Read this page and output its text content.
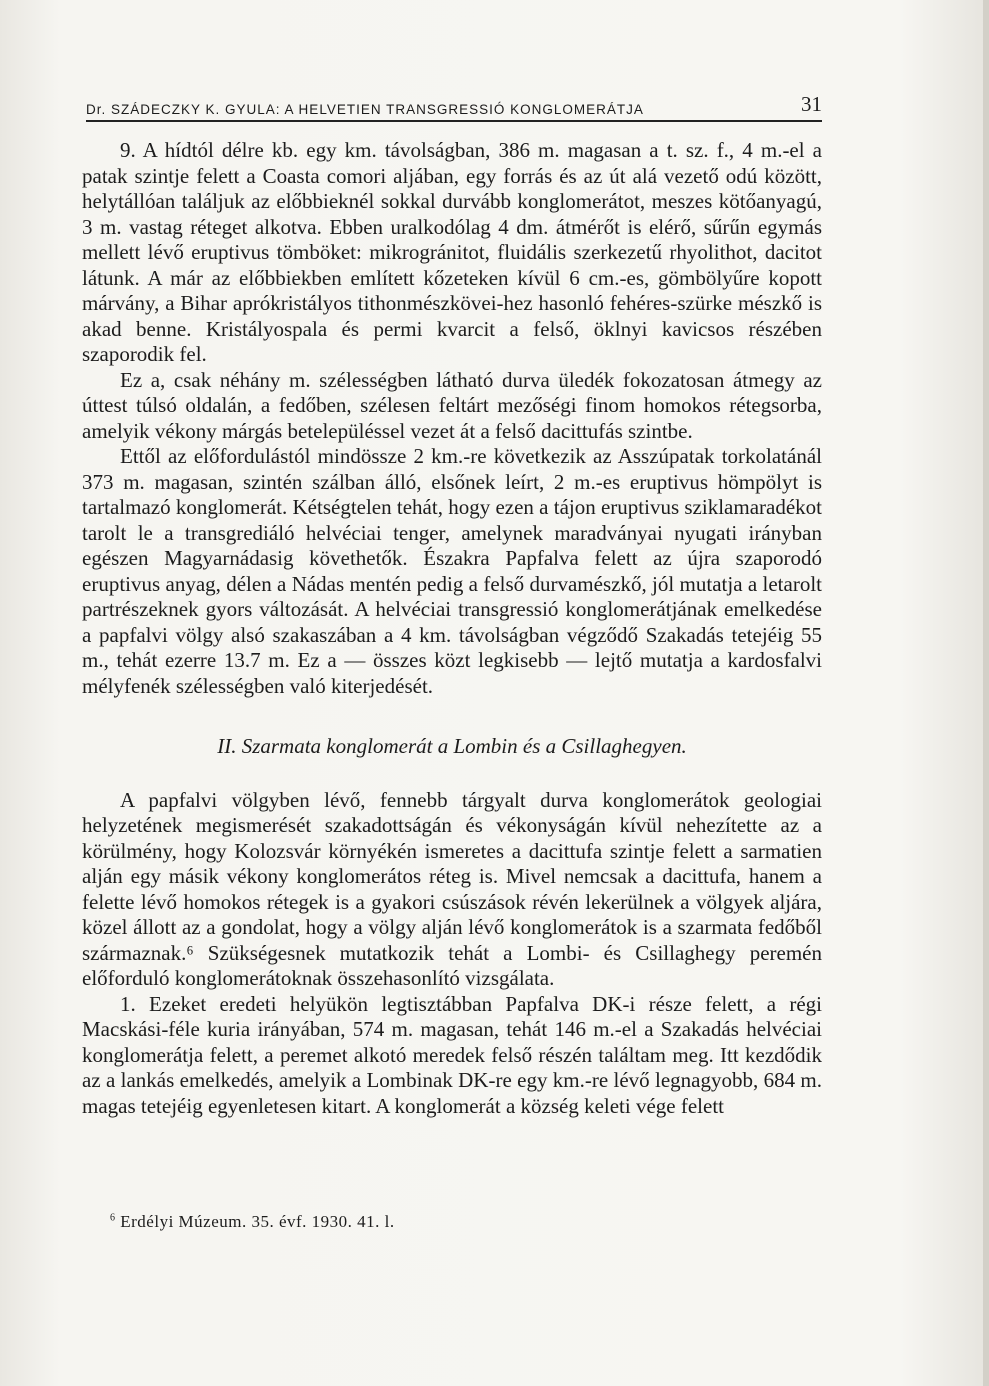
Dr. SZÁDECZKY K. GYULA: A HELVETIEN TRANSGRESSIÓ KONGLOMERÁTJA	31

9. A hídtól délre kb. egy km. távolságban, 386 m. magasan a t. sz. f., 4 m.-el a patak szintje felett a Coasta comori aljában, egy forrás és az út alá vezető odú között, helytállóan találjuk az előbbieknél sokkal durvább konglomerátot, meszes kötőanyagú, 3 m. vastag réteget alkotva. Ebben uralkodólag 4 dm. átmérőt is elérő, sűrűn egymás mellett lévő eruptivus tömböket: mikrogránitot, fluidális szerkezetű rhyolithot, dacitot látunk. A már az előbbiekben említett kőzeteken kívül 6 cm.-es, gömbölyűre kopott márvány, a Bihar aprókristályos tithonmészkövei-hez hasonló fehéres-szürke mészkő is akad benne. Kristályospala és permi kvarcit a felső, öklnyi kavicsos részében szaporodik fel.

Ez a, csak néhány m. szélességben látható durva üledék fokozatosan átmegy az úttest túlsó oldalán, a fedőben, szélesen feltárt mezőségi finom homokos rétegsorba, amelyik vékony márgás betelepüléssel vezet át a felső dacittufás szintbe.

Ettől az előfordulástól mindössze 2 km.-re következik az Asszúpatak torkolatánál 373 m. magasan, szintén szálban álló, elsőnek leírt, 2 m.-es eruptivus hömpölyt is tartalmazó konglomerát. Kétségtelen tehát, hogy ezen a tájon eruptivus sziklamaradékot tarolt le a transgrediáló helvéciai tenger, amelynek maradványai nyugati irányban egészen Magyarnádasig követhetők. Északra Papfalva felett az újra szaporodó eruptivus anyag, délen a Nádas mentén pedig a felső durvamészkő, jól mutatja a letarolt partrészeknek gyors változását. A helvéciai transgressió konglomerátjának emelkedése a papfalvi völgy alsó szakaszában a 4 km. távolságban végződő Szakadás tetejéig 55 m., tehát ezerre 13.7 m. Ez a — összes közt legkisebb — lejtő mutatja a kardosfalvi mélyfenék szélességben való kiterjedését.

II. Szarmata konglomerát a Lombin és a Csillaghegyen.

A papfalvi völgyben lévő, fennebb tárgyalt durva konglomerátok geologiai helyzetének megismerését szakadottságán és vékonyságán kívül nehezítette az a körülmény, hogy Kolozsvár környékén ismeretes a dacittufa szintje felett a sarmatien alján egy másik vékony konglomerátos réteg is. Mivel nemcsak a dacittufa, hanem a felette lévő homokos rétegek is a gyakori csúszások révén lekerülnek a völgyek aljára, közel állott az a gondolat, hogy a völgy alján lévő konglomerátok is a szarmata fedőből származnak.⁶ Szükségesnek mutatkozik tehát a Lombi- és Csillaghegy peremén előforduló konglomerátoknak összehasonlító vizsgálata.

1. Ezeket eredeti helyükön legtisztábban Papfalva DK-i része felett, a régi Macskási-féle kuria irányában, 574 m. magasan, tehát 146 m.-el a Szakadás helvéciai konglomerátja felett, a peremet alkotó meredek felső részén találtam meg. Itt kezdődik az a lankás emelkedés, amelyik a Lombinak DK-re egy km.-re lévő legnagyobb, 684 m. magas tetejéig egyenletesen kitart. A konglomerát a község keleti vége felett

$^6$ Erdélyi Múzeum. 35. évf. 1930. 41. l.
